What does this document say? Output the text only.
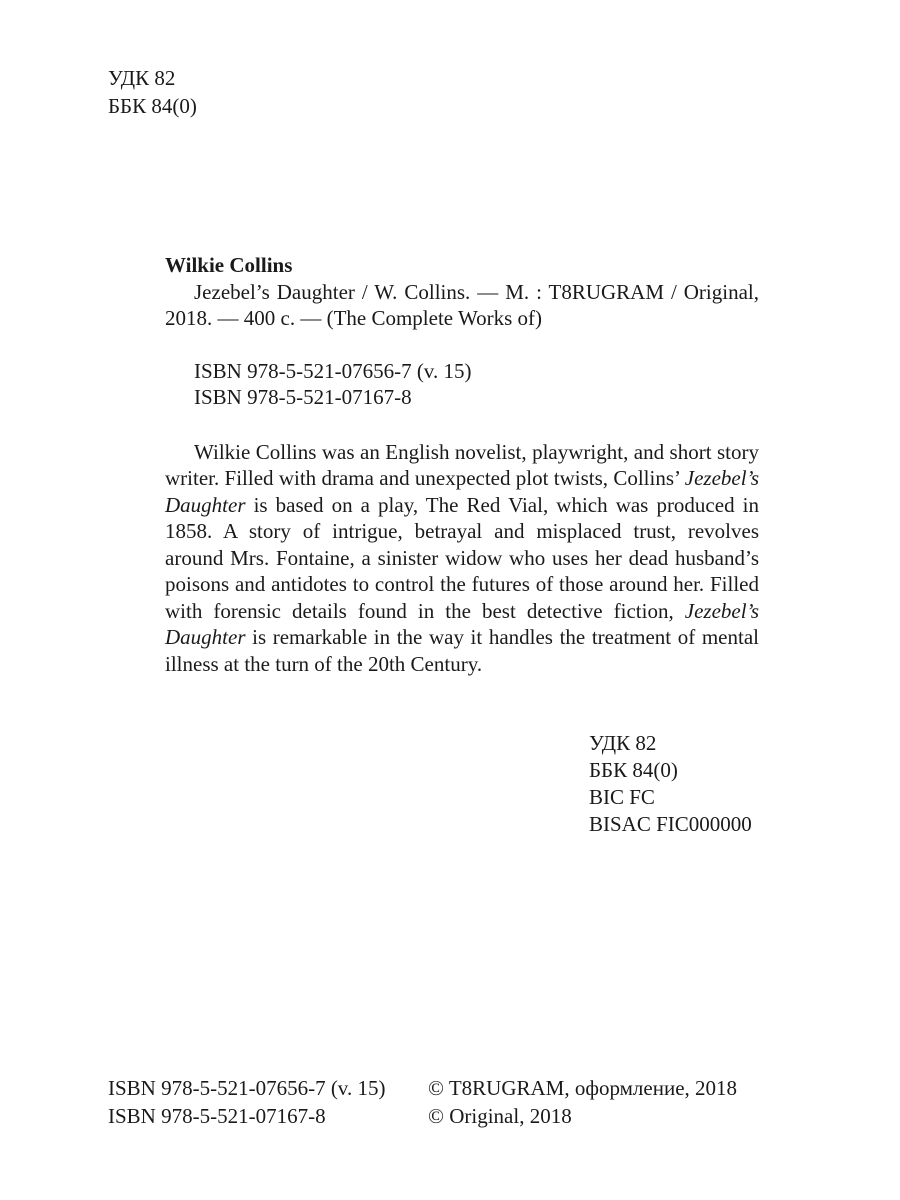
УДК 82
ББК 84(0)

Wilkie Collins

Jezebel’s Daughter / W. Collins. — M. : T8RUGRAM / Original, 2018. — 400 с. — (The Complete Works of)

ISBN 978-5-521-07656-7 (v. 15)
ISBN 978-5-521-07167-8

Wilkie Collins was an English novelist, playwright, and short story writer. Filled with drama and unexpected plot twists, Collins’ Jezebel’s Daughter is based on a play, The Red Vial, which was produced in 1858. A story of intrigue, betrayal and misplaced trust, revolves around Mrs. Fontaine, a sinister widow who uses her dead husband’s poisons and antidotes to control the futures of those around her. Filled with forensic details found in the best detective fiction, Jezebel’s Daughter is remarkable in the way it handles the treatment of mental illness at the turn of the 20th Century.

УДК 82
ББК 84(0)
BIC FC
BISAC FIC000000
ISBN 978-5-521-07656-7 (v. 15)	© T8RUGRAM, оформление, 2018
ISBN 978-5-521-07167-8	© Original, 2018
